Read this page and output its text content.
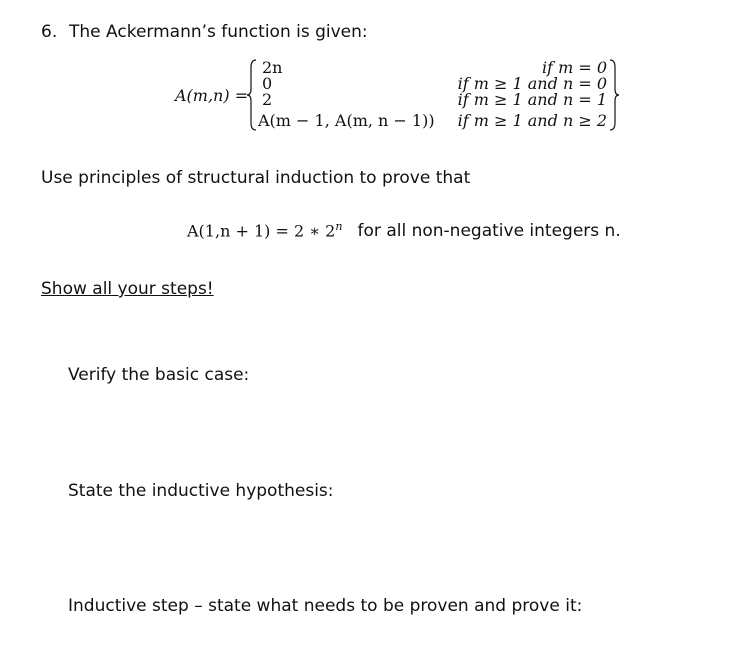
6. The Ackermann’s function is given:
A(m,n) =
2n
0
2
A(m − 1, A(m, n − 1))
if m = 0
if m ≥ 1 and n = 0
if m ≥ 1 and n = 1
if m ≥ 1 and n ≥ 2
Use principles of structural induction to prove that
A(1,n + 1) = 2 ∗ 2$^n$ for all non-negative integers n.
Show all your steps!
Verify the basic case:
State the inductive hypothesis:
Inductive step – state what needs to be proven and prove it:
